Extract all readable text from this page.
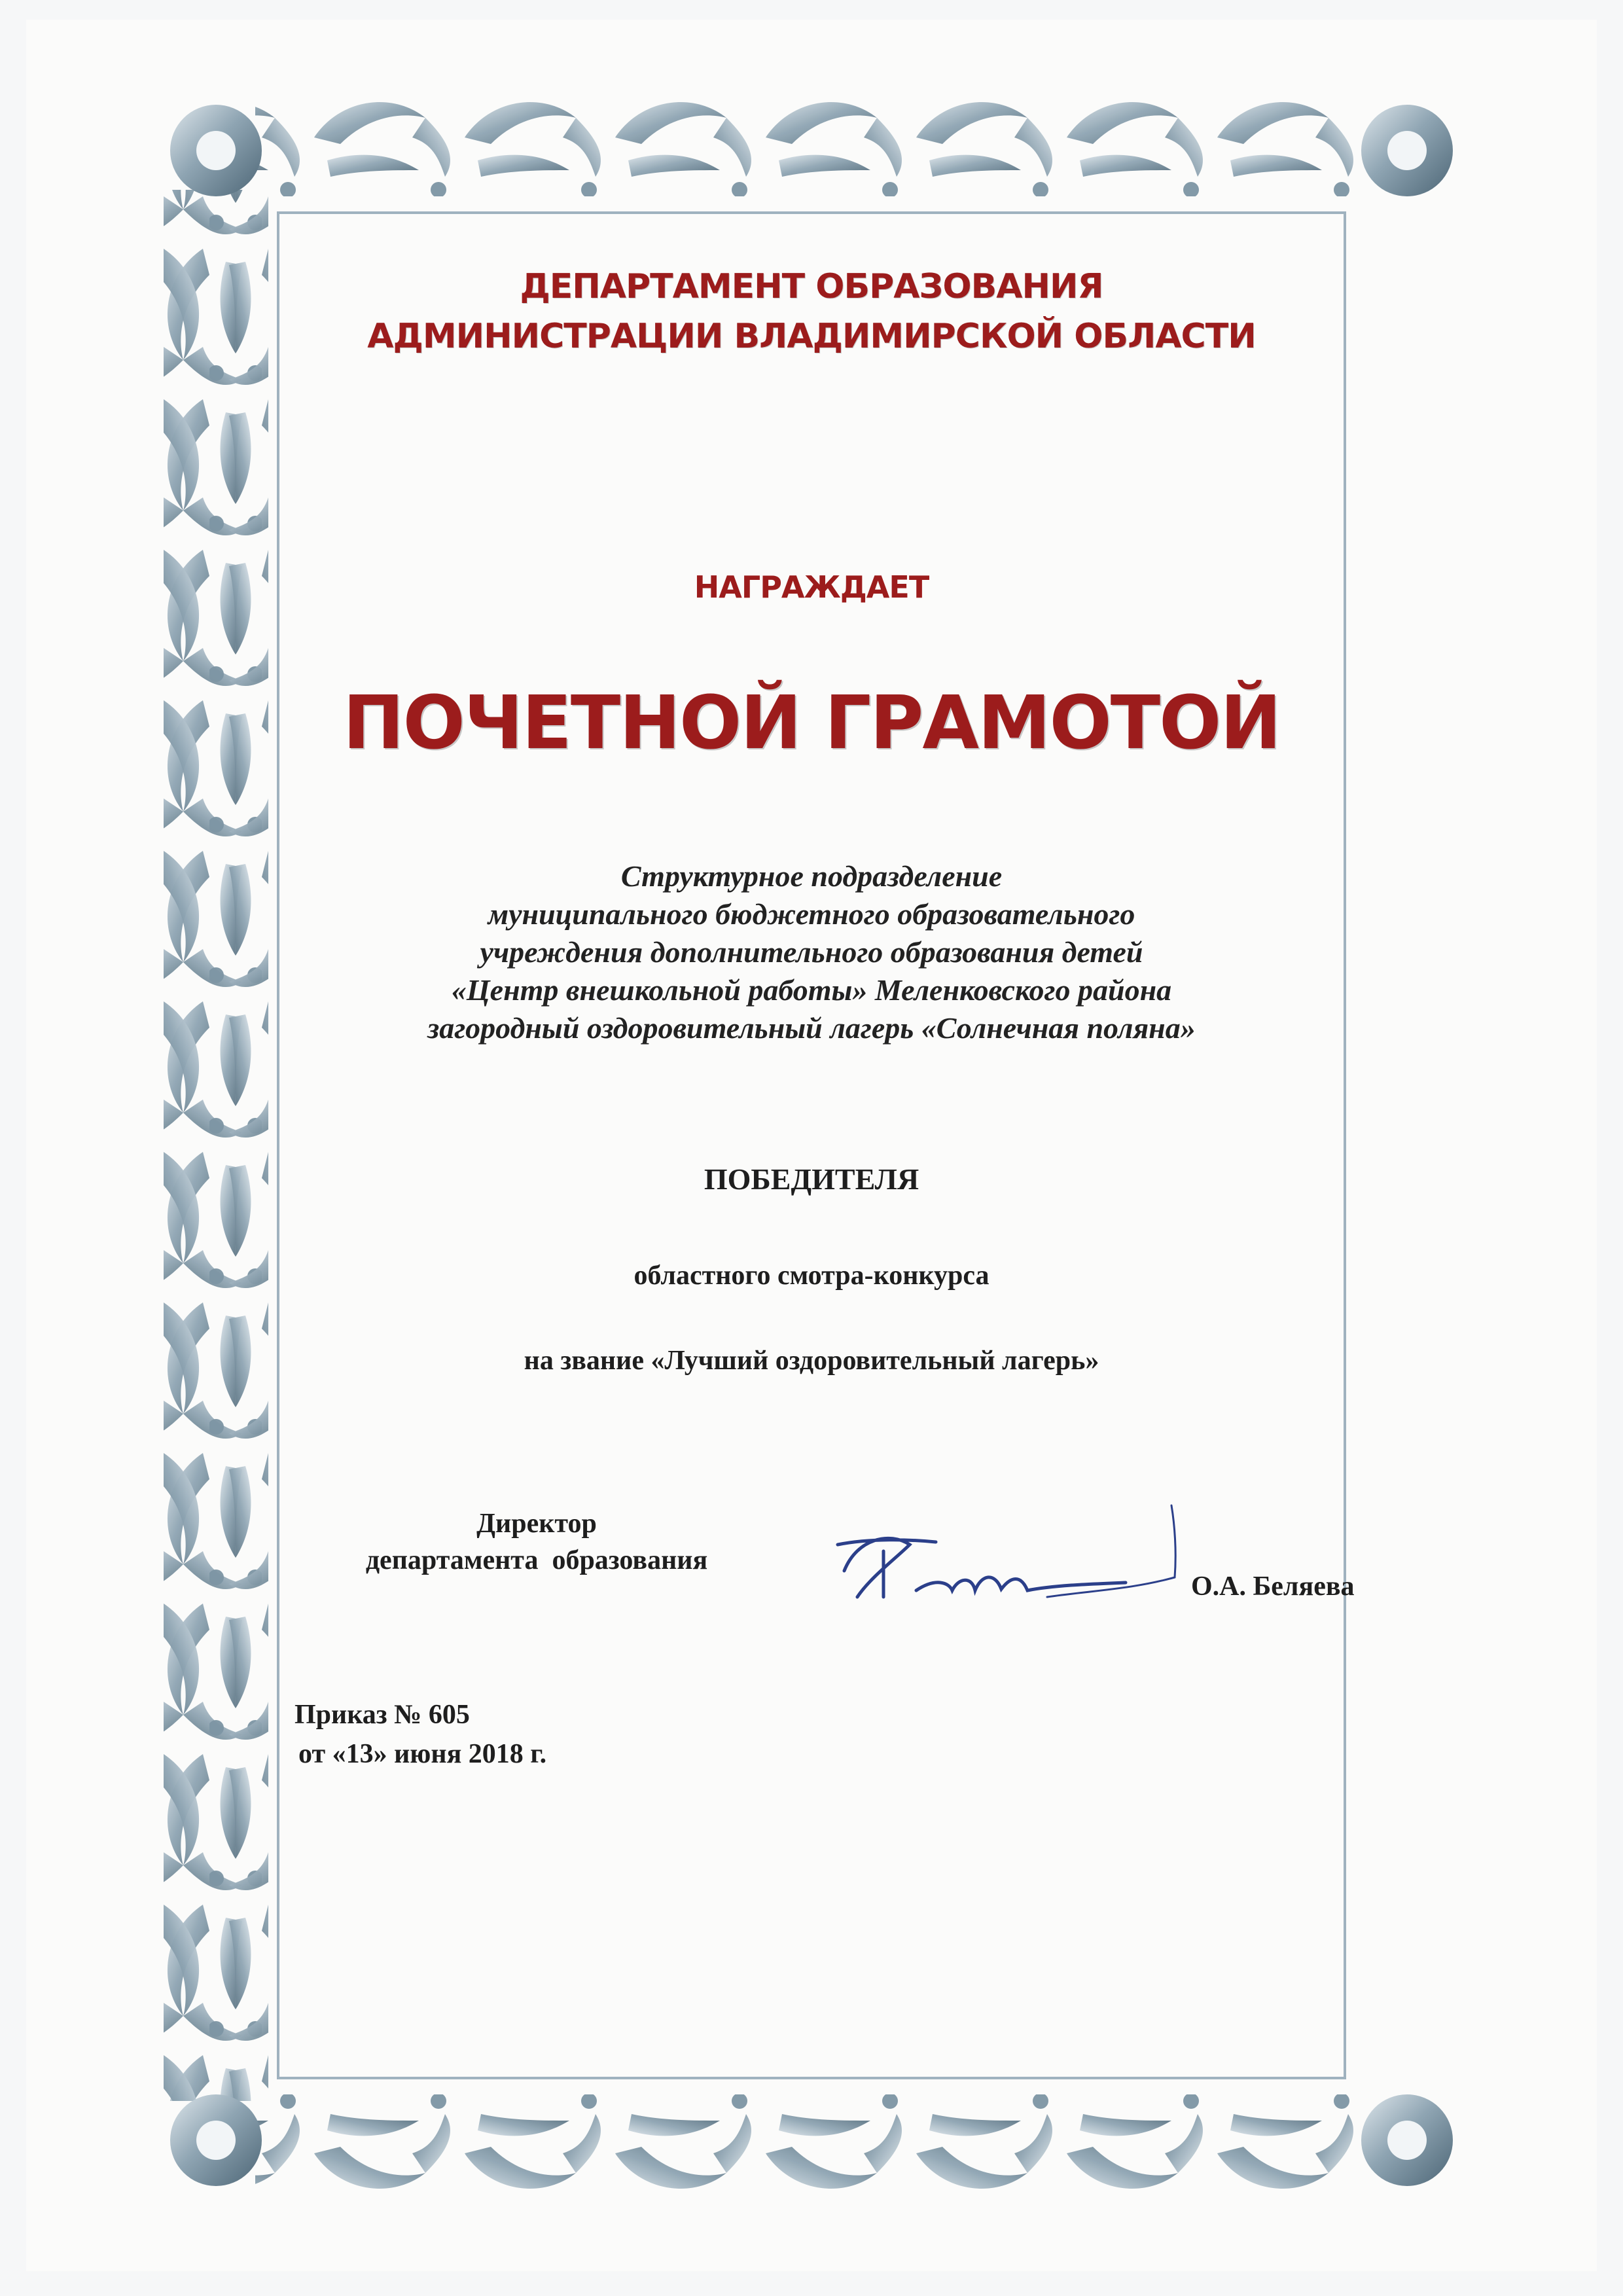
ДЕПАРТАМЕНТ ОБРАЗОВАНИЯ
АДМИНИСТРАЦИИ ВЛАДИМИРСКОЙ ОБЛАСТИ
НАГРАЖДАЕТ
ПОЧЕТНОЙ ГРАМОТОЙ
Структурное подразделение
муниципального бюджетного образовательного
учреждения дополнительного образования детей
«Центр внешкольной работы» Меленковского района
загородный оздоровительный лагерь «Солнечная поляна»
ПОБЕДИТЕЛЯ
областного смотра-конкурса
на звание «Лучший оздоровительный лагерь»
Директор
департамента  образования
О.А. Беляева
Приказ № 605
от «13» июня 2018 г.
